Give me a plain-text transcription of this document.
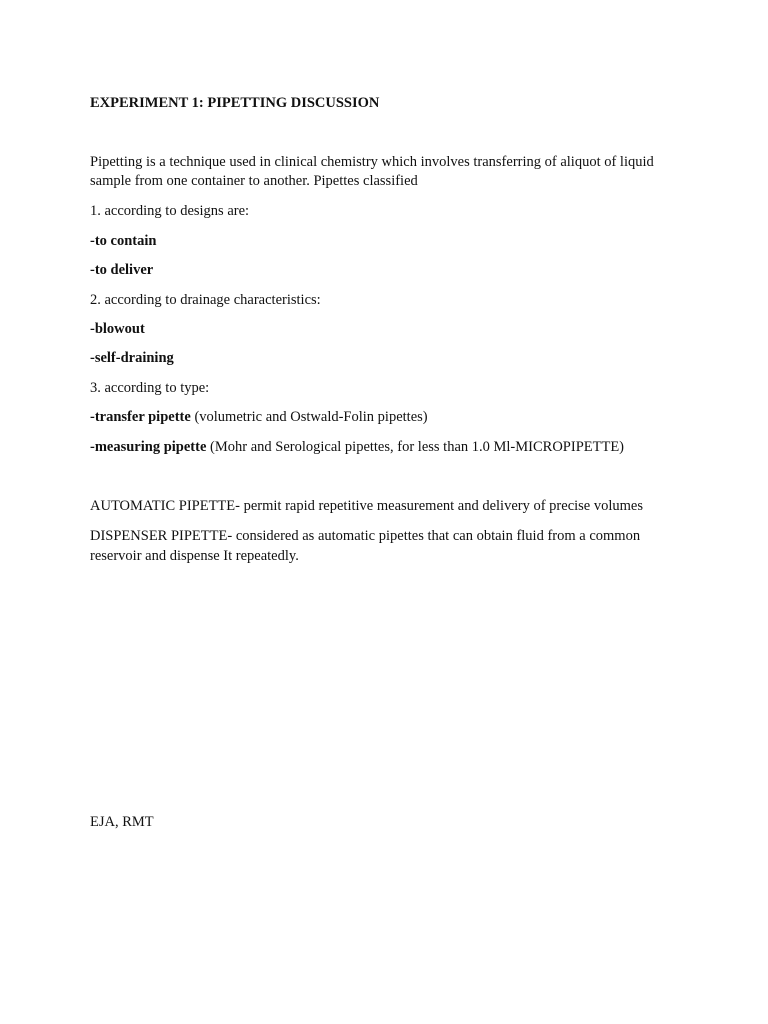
EXPERIMENT 1: PIPETTING DISCUSSION
Pipetting is a technique used in clinical chemistry which involves transferring of aliquot of liquid
sample from one container to another. Pipettes classified
1. according to designs are:
-to contain
-to deliver
2. according to drainage characteristics:
-blowout
-self-draining
3. according to type:
-transfer pipette (volumetric and Ostwald-Folin pipettes)
-measuring pipette (Mohr and Serological pipettes, for less than 1.0 Ml-MICROPIPETTE)
AUTOMATIC PIPETTE- permit rapid repetitive measurement and delivery of precise volumes
DISPENSER PIPETTE- considered as automatic pipettes that can obtain fluid from a common
reservoir and dispense It repeatedly.
EJA, RMT
